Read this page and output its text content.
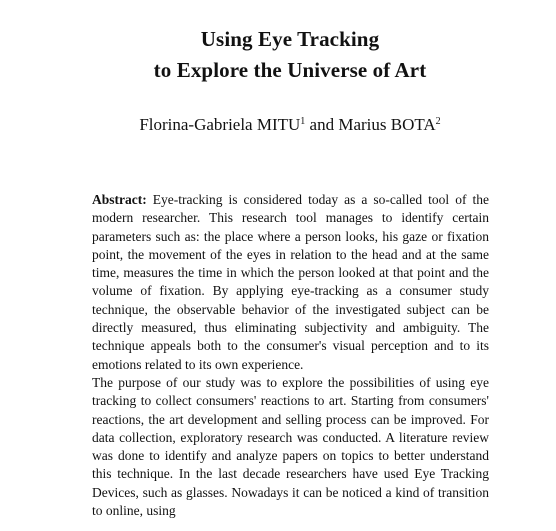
Using Eye Tracking
to Explore the Universe of Art
Florina-Gabriela MITU$^1$ and Marius BOTA$^2$

Abstract: Eye-tracking is considered today as a so-called tool of the modern researcher. This research tool manages to identify certain parameters such as: the place where a person looks, his gaze or fixation point, the movement of the eyes in relation to the head and at the same time, measures the time in which the person looked at that point and the volume of fixation. By applying eye-tracking as a consumer study technique, the observable behavior of the investigated subject can be directly measured, thus eliminating subjectivity and ambiguity. The technique appeals both to the consumer's visual perception and to its emotions related to its own experience.

The purpose of our study was to explore the possibilities of using eye tracking to collect consumers' reactions to art. Starting from consumers' reactions, the art development and selling process can be improved. For data collection, exploratory research was conducted. A literature review was done to identify and analyze papers on topics to better understand this technique. In the last decade researchers have used Eye Tracking Devices, such as glasses. Nowadays it can be noticed a kind of transition to online, using
